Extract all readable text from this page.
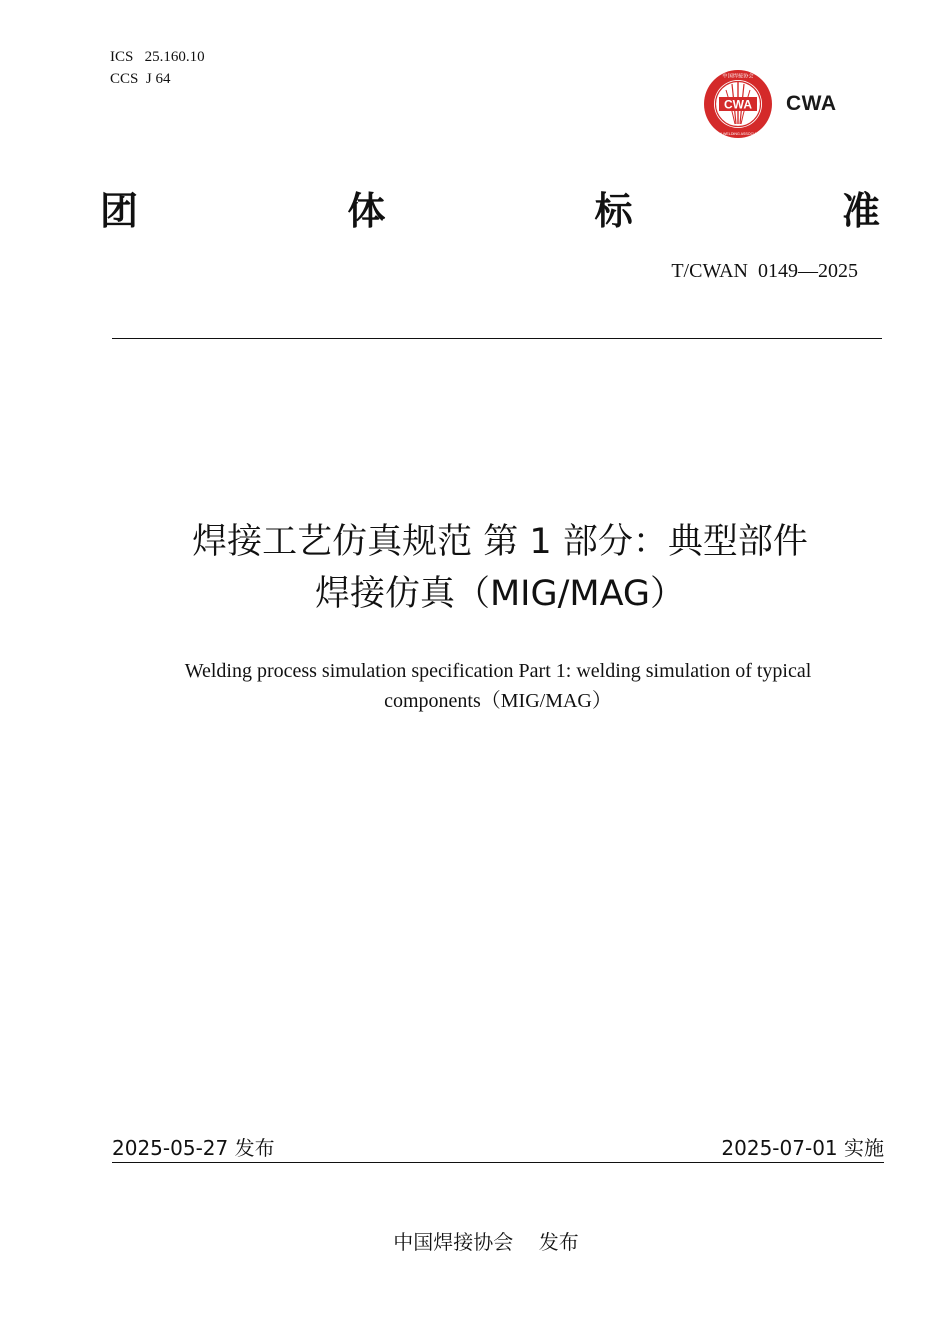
ICS   25.160.10
CCS  J 64
CWA
中国焊接协会
CHINA WELDING ASSOCIATION
CWA
团	体	标	准
T/CWAN  0149—2025
焊接工艺仿真规范 第 1 部分：典型部件
焊接仿真（MIG/MAG）
Welding process simulation specification Part 1: welding simulation of typical
components（MIG/MAG）
2025-05-27 发布	2025-07-01 实施
中国焊接协会    发布
